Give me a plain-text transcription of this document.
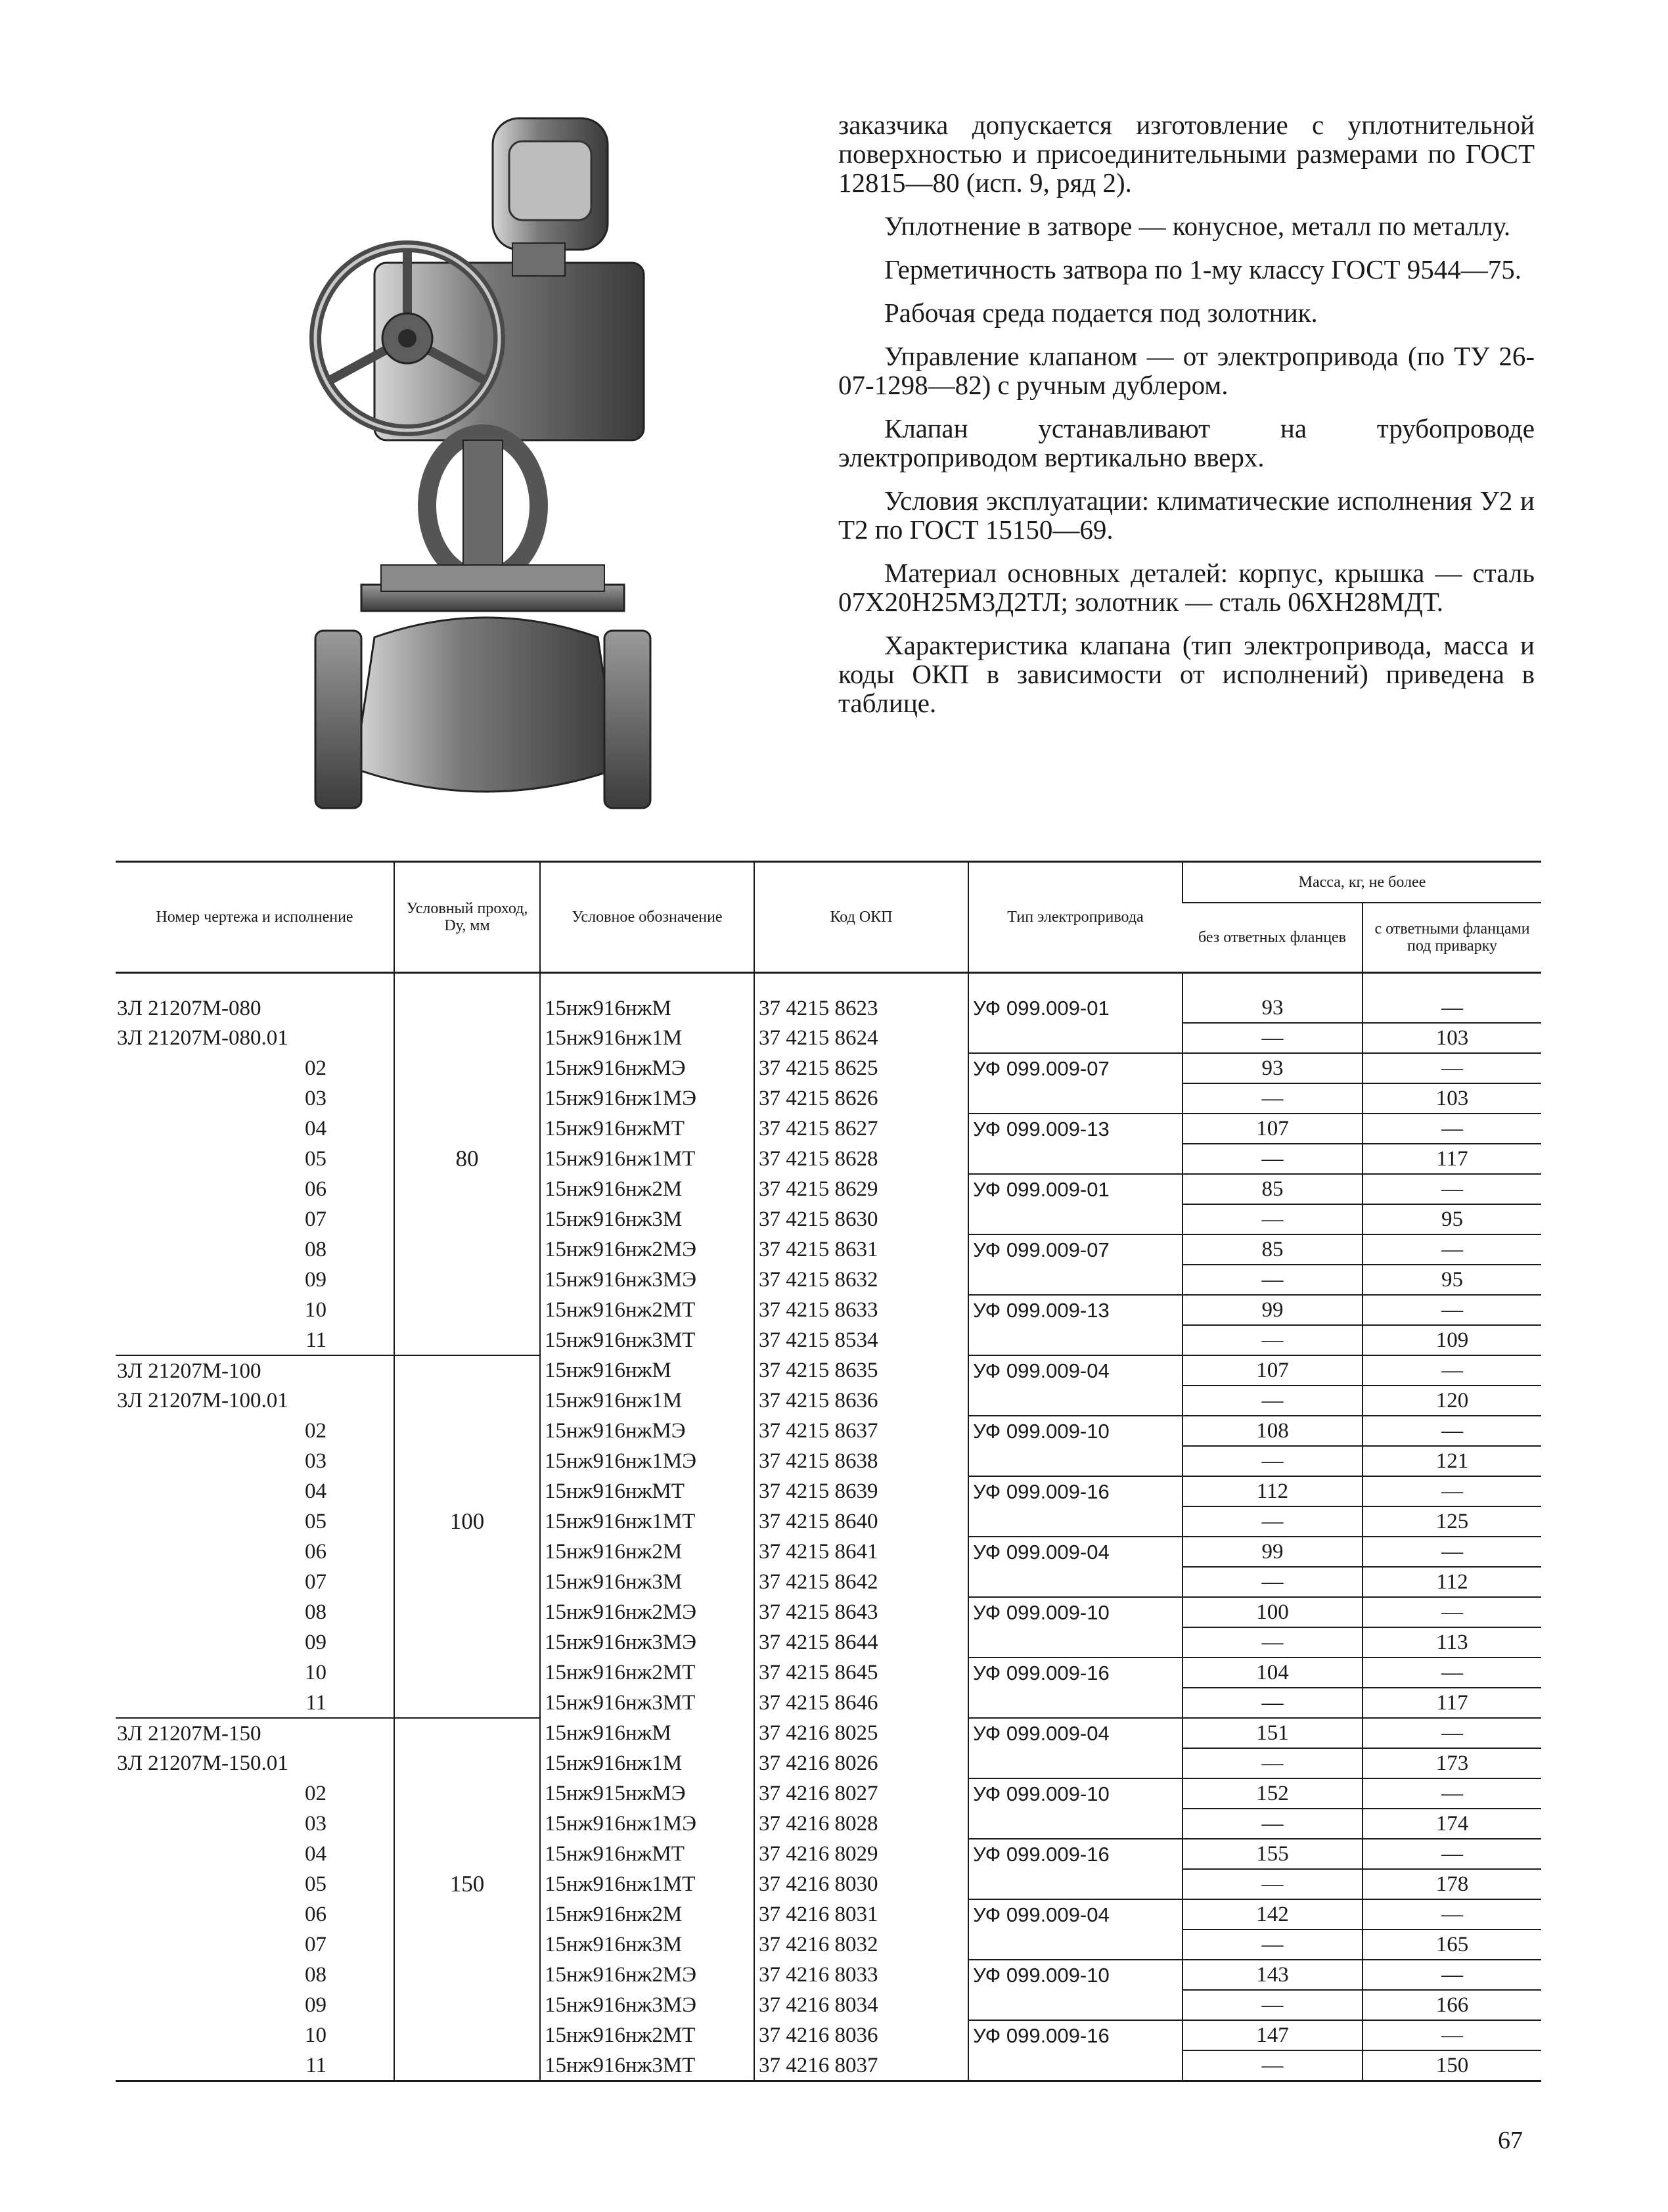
заказчика допускается изготовление с уплотнительной поверхностью и присоединительными размерами по ГОСТ 12815—80 (исп. 9, ряд 2).

Уплотнение в затворе — конусное, металл по металлу.

Герметичность затвора по 1-му классу ГОСТ 9544—75.

Рабочая среда подается под золотник.

Управление клапаном — от электропривода (по ТУ 26-07-1298—82) с ручным дублером.

Клапан устанавливают на трубопроводе электроприводом вертикально вверх.

Условия эксплуатации: климатические исполнения У2 и Т2 по ГОСТ 15150—69.

Материал основных деталей: корпус, крышка — сталь 07Х20Н25М3Д2ТЛ; золотник — сталь 06ХН28МДТ.

Характеристика клапана (тип электропривода, масса и коды ОКП в зависимости от исполнений) приведена в таблице.

Номер чертежа и исполнение	Условный проход, Dу, мм	Условное обозначение	Код ОКП	Тип электропривода	Масса, кг, не более	
					без ответных фланцев	с ответными фланцами под приварку

3Л 21207М-080		15нж916нжМ	37 4215 8623	УФ 099.009-01	93	—
3Л 21207М-080.01		15нж916нж1М	37 4215 8624		—	103
02		15нж916нжМЭ	37 4215 8625	УФ 099.009-07	93	—
03		15нж916нж1МЭ	37 4215 8626		—	103
04		15нж916нжМТ	37 4215 8627	УФ 099.009-13	107	—
05	80	15нж916нж1МТ	37 4215 8628		—	117
06		15нж916нж2М	37 4215 8629	УФ 099.009-01	85	—
07		15нж916нж3М	37 4215 8630		—	95
08		15нж916нж2МЭ	37 4215 8631	УФ 099.009-07	85	—
09		15нж916нж3МЭ	37 4215 8632		—	95
10		15нж916нж2МТ	37 4215 8633	УФ 099.009-13	99	—
11		15нж916нж3МТ	37 4215 8534		—	109
3Л 21207М-100		15нж916нжМ	37 4215 8635	УФ 099.009-04	107	—
3Л 21207М-100.01		15нж916нж1М	37 4215 8636		—	120
02		15нж916нжМЭ	37 4215 8637	УФ 099.009-10	108	—
03		15нж916нж1МЭ	37 4215 8638		—	121
04		15нж916нжМТ	37 4215 8639	УФ 099.009-16	112	—
05	100	15нж916нж1МТ	37 4215 8640		—	125
06		15нж916нж2М	37 4215 8641	УФ 099.009-04	99	—
07		15нж916нж3М	37 4215 8642		—	112
08		15нж916нж2МЭ	37 4215 8643	УФ 099.009-10	100	—
09		15нж916нж3МЭ	37 4215 8644		—	113
10		15нж916нж2МТ	37 4215 8645	УФ 099.009-16	104	—
11		15нж916нж3МТ	37 4215 8646		—	117
3Л 21207М-150		15нж916нжМ	37 4216 8025	УФ 099.009-04	151	—
3Л 21207М-150.01		15нж916нж1М	37 4216 8026		—	173
02		15нж915нжМЭ	37 4216 8027	УФ 099.009-10	152	—
03		15нж916нж1МЭ	37 4216 8028		—	174
04		15нж916нжМТ	37 4216 8029	УФ 099.009-16	155	—
05	150	15нж916нж1МТ	37 4216 8030		—	178
06		15нж916нж2М	37 4216 8031	УФ 099.009-04	142	—
07		15нж916нж3М	37 4216 8032		—	165
08		15нж916нж2МЭ	37 4216 8033	УФ 099.009-10	143	—
09		15нж916нж3МЭ	37 4216 8034		—	166
10		15нж916нж2МТ	37 4216 8036	УФ 099.009-16	147	—
11		15нж916нж3МТ	37 4216 8037		—	150
67
